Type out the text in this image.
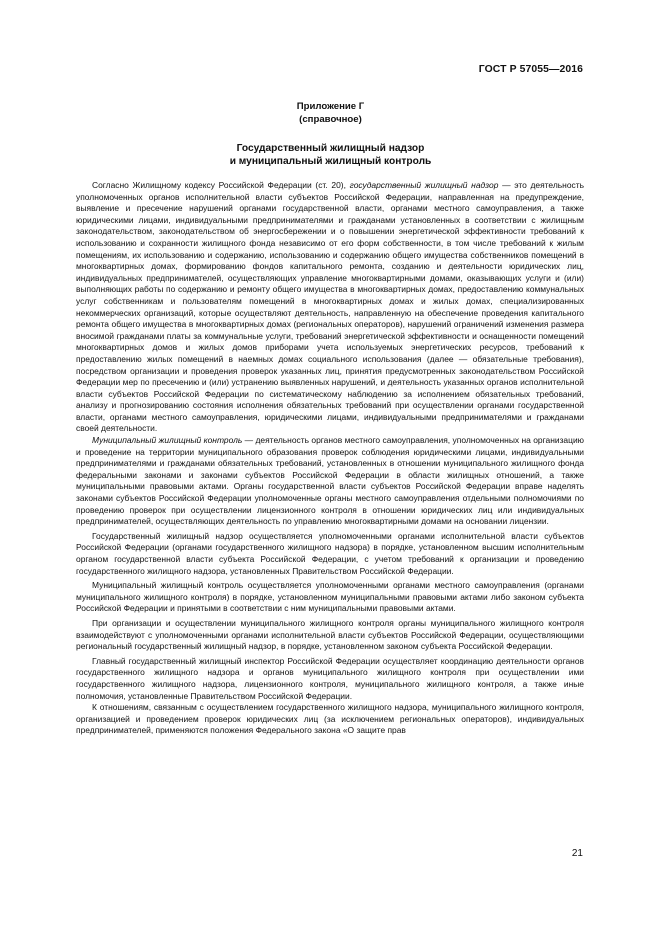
ГОСТ Р 57055—2016
Приложение Г
(справочное)
Государственный жилищный надзор
и муниципальный жилищный контроль

Согласно Жилищному кодексу Российской Федерации (ст. 20), государственный жилищный надзор — это деятельность уполномоченных органов исполнительной власти субъектов Российской Федерации, направленная на предупреждение, выявление и пресечение нарушений органами государственной власти, органами местного самоуправления, а также юридическими лицами, индивидуальными предпринимателями и гражданами установленных в соответствии с жилищным законодательством, законодательством об энергосбережении и о повышении энергетической эффективности требований к использованию и сохранности жилищного фонда независимо от его форм собственности, в том числе требований к жилым помещениям, их использованию и содержанию, использованию и содержанию общего имущества собственников помещений в многоквартирных домах, формированию фондов капитального ремонта, созданию и деятельности юридических лиц, индивидуальных предпринимателей, осуществляющих управление многоквартирными домами, оказывающих услуги и (или) выполняющих работы по содержанию и ремонту общего имущества в многоквартирных домах, предоставлению коммунальных услуг собственникам и пользователям помещений в многоквартирных домах и жилых домах, специализированных некоммерческих организаций, которые осуществляют деятельность, направленную на обеспечение проведения капитального ремонта общего имущества в многоквартирных домах (региональных операторов), нарушений ограничений изменения размера вносимой гражданами платы за коммунальные услуги, требований энергетической эффективности и оснащенности помещений многоквартирных домов и жилых домов приборами учета используемых энергетических ресурсов, требований к предоставлению жилых помещений в наемных домах социального использования (далее — обязательные требования), посредством организации и проведения проверок указанных лиц, принятия предусмотренных законодательством Российской Федерации мер по пресечению и (или) устранению выявленных нарушений, и деятельность указанных органов исполнительной власти субъектов Российской Федерации по систематическому наблюдению за исполнением обязательных требований, анализу и прогнозированию состояния исполнения обязательных требований при осуществлении органами государственной власти, органами местного самоуправления, юридическими лицами, индивидуальными предпринимателями и гражданами своей деятельности.

Муниципальный жилищный контроль — деятельность органов местного самоуправления, уполномоченных на организацию и проведение на территории муниципального образования проверок соблюдения юридическими лицами, индивидуальными предпринимателями и гражданами обязательных требований, установленных в отношении муниципального жилищного фонда федеральными законами и законами субъектов Российской Федерации в области жилищных отношений, а также муниципальными правовыми актами. Органы государственной власти субъектов Российской Федерации вправе наделять законами субъектов Российской Федерации уполномоченные органы местного самоуправления отдельными полномочиями по проведению проверок при осуществлении лицензионного контроля в отношении юридических лиц или индивидуальных предпринимателей, осуществляющих деятельность по управлению многоквартирными домами на основании лицензии.

Государственный жилищный надзор осуществляется уполномоченными органами исполнительной власти субъектов Российской Федерации (органами государственного жилищного надзора) в порядке, установленном высшим исполнительным органом государственной власти субъекта Российской Федерации, с учетом требований к организации и проведению государственного жилищного надзора, установленных Правительством Российской Федерации.

Муниципальный жилищный контроль осуществляется уполномоченными органами местного самоуправления (органами муниципального жилищного контроля) в порядке, установленном муниципальными правовыми актами либо законом субъекта Российской Федерации и принятыми в соответствии с ним муниципальными правовыми актами.

При организации и осуществлении муниципального жилищного контроля органы муниципального жилищного контроля взаимодействуют с уполномоченными органами исполнительной власти субъектов Российской Федерации, осуществляющими региональный государственный жилищный надзор, в порядке, установленном законом субъекта Российской Федерации.

Главный государственный жилищный инспектор Российской Федерации осуществляет координацию деятельности органов государственного жилищного надзора и органов муниципального жилищного контроля при осуществлении ими государственного жилищного надзора, лицензионного контроля, муниципального жилищного контроля, а также иные полномочия, установленные Правительством Российской Федерации.

К отношениям, связанным с осуществлением государственного жилищного надзора, муниципального жилищного контроля, организацией и проведением проверок юридических лиц (за исключением региональных операторов), индивидуальных предпринимателей, применяются положения Федерального закона «О защите прав

21
